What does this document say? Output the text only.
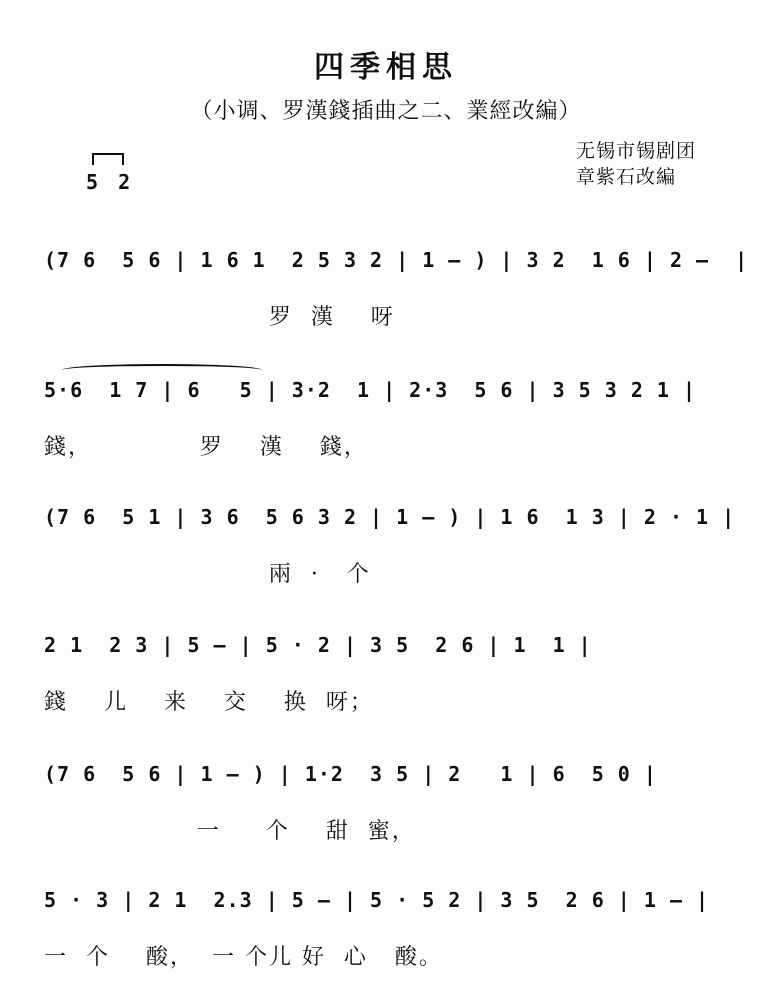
四季相思
（小调、罗漢錢插曲之二、業經改編）
无锡市锡剧团
章紫石改編
5 2
(7 6  5 6 | 1 6 1  2 5 3 2 | 1 — ) | 3 2  1 6 | 2 —  |
罗  漢    呀
5·6  1 7 | 6   5 | 3·2  1 | 2·3  5 6 | 3 5 3 2 1 |
錢，            罗    漢    錢，
(7 6  5 1 | 3 6  5 6 3 2 | 1 — ) | 1 6  1 3 | 2 · 1 |
兩  ·   个
2 1  2 3 | 5 — | 5 · 2 | 3 5  2 6 | 1  1 |
錢    儿    来    交    换  呀；
(7 6  5 6 | 1 — ) | 1·2  3 5 | 2   1 | 6  5 0 |
一     个    甜  蜜，
5 · 3 | 2 1  2.3 | 5 — | 5 · 5 2 | 3 5  2 6 | 1 — |
一  个    酸，  一 个儿 好  心   酸。
